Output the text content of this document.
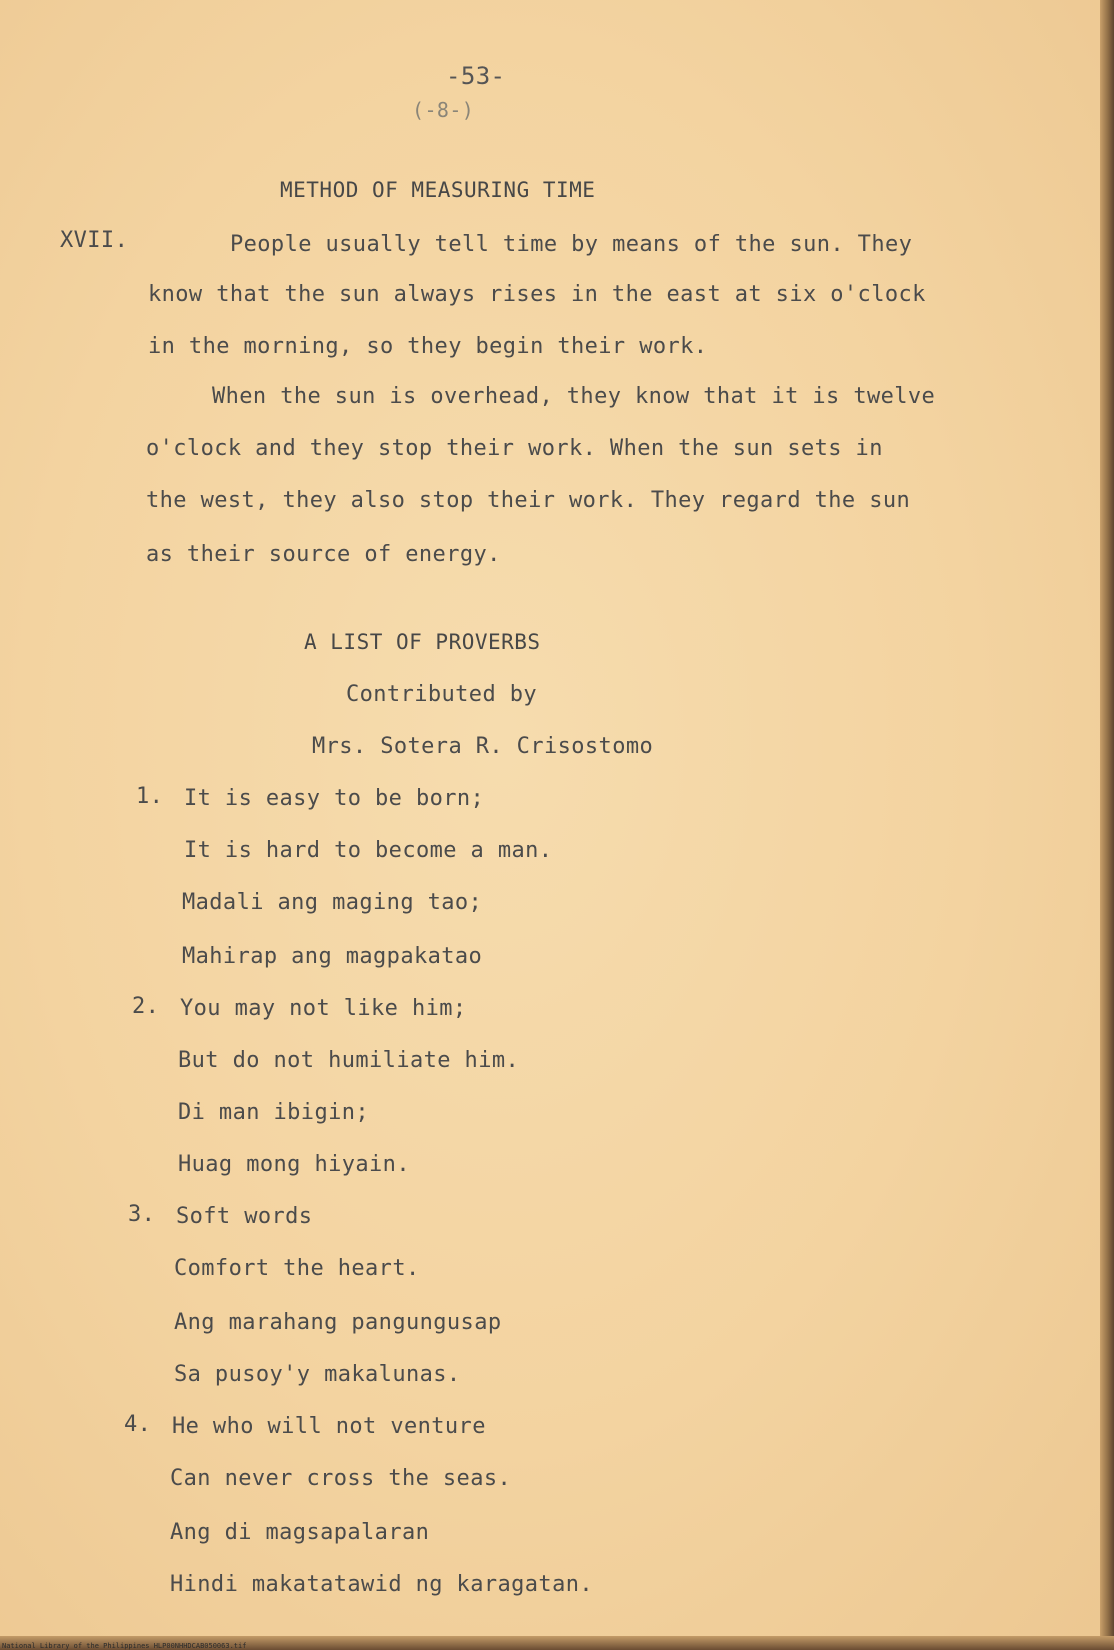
-53-
(-8-)
METHOD OF MEASURING TIME
XVII.	People usually tell time by means of the sun. They
know that the sun always rises in the east at six o'clock
in the morning, so they begin their work.
When the sun is overhead, they know that it is twelve
o'clock and they stop their work. When the sun sets in
the west, they also stop their work. They regard the sun
as their source of energy.
A LIST OF PROVERBS
Contributed by
Mrs. Sotera R. Crisostomo
1. It is easy to be born;
It is hard to become a man.
Madali ang maging tao;
Mahirap ang magpakatao
2. You may not like him;
But do not humiliate him.
Di man ibigin;
Huag mong hiyain.
3. Soft words
Comfort the heart.
Ang marahang pangungusap
Sa pusoy'y makalunas.
4. He who will not venture
Can never cross the seas.
Ang di magsapalaran
Hindi makatatawid ng karagatan.
National Library of the Philippines HLP00NHHDCAB050063.tif
